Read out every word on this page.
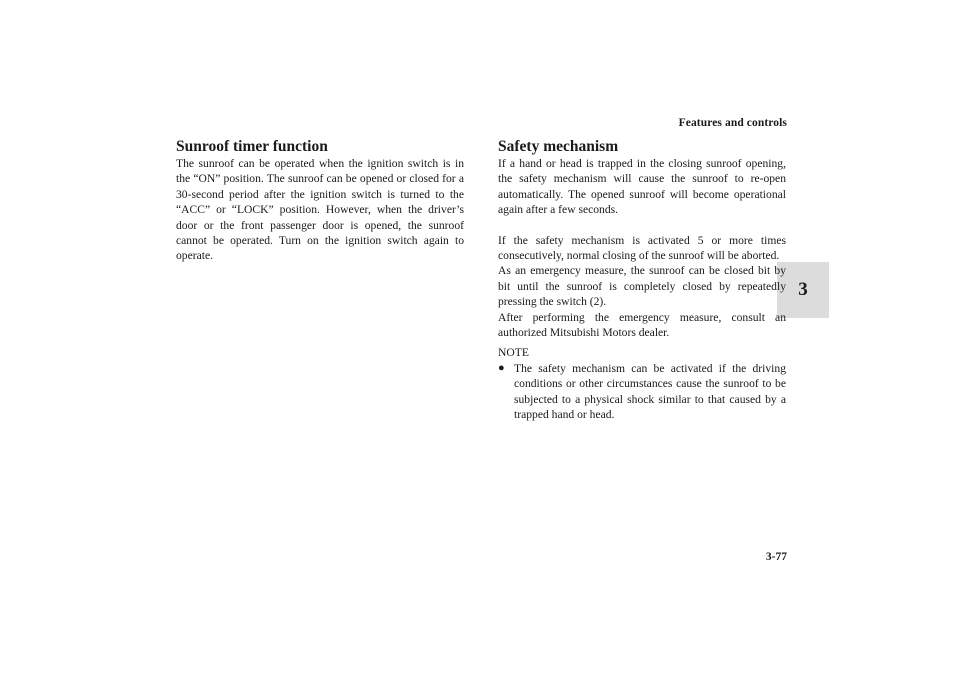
Features and controls
3
Sunroof timer function

The sunroof can be operated when the ignition switch is in the “ON” position. The sunroof can be opened or closed for a 30-second period after the ignition switch is turned to the “ACC” or “LOCK” position. However, when the driver’s door or the front passenger door is opened, the sunroof cannot be operated. Turn on the ignition switch again to operate.

Safety mechanism

If a hand or head is trapped in the closing sunroof opening, the safety mechanism will cause the sunroof to re-open automatically. The opened sunroof will become operational again after a few seconds.

If the safety mechanism is activated 5 or more times consecutively, normal closing of the sunroof will be aborted.

As an emergency measure, the sunroof can be closed bit by bit until the sunroof is completely closed by repeatedly pressing the switch (2).

After performing the emergency measure, consult an authorized Mitsubishi Motors dealer.

NOTE

● The safety mechanism can be activated if the driving conditions or other circumstances cause the sunroof to be subjected to a physical shock similar to that caused by a trapped hand or head.
3-77
